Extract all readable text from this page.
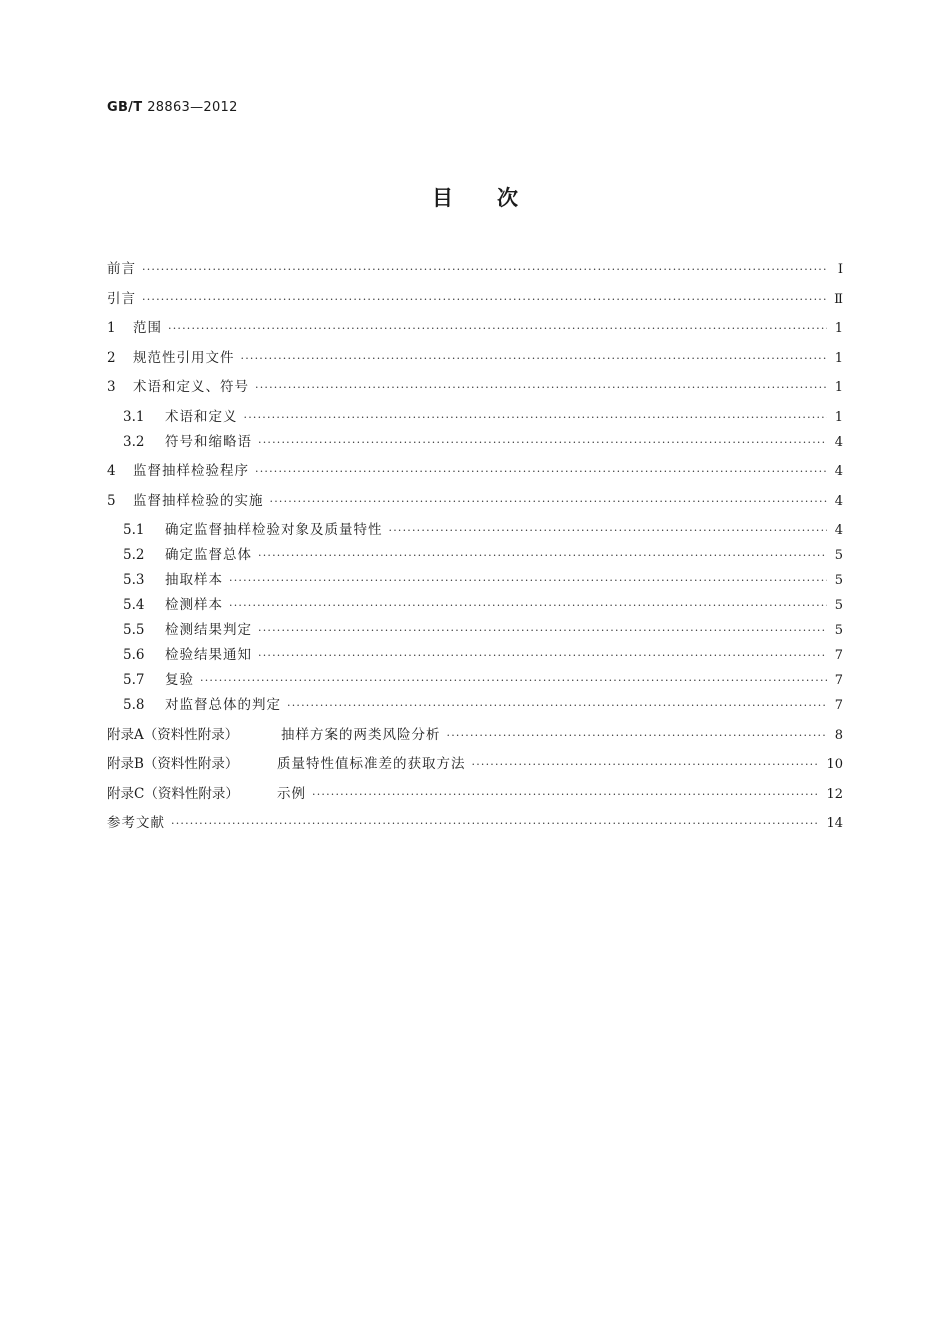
GB/T 28863—2012
目次
前言 ·····	Ⅰ
引言 ·····	Ⅱ
1 范围 ·····	1
2 规范性引用文件 ·····	1
3 术语和定义、符号 ·····	1
3.1 术语和定义 ·····	1
3.2 符号和缩略语 ·····	4
4 监督抽样检验程序 ·····	4
5 监督抽样检验的实施 ·····	4
5.1 确定监督抽样检验对象及质量特性 ·····	4
5.2 确定监督总体 ·····	5
5.3 抽取样本 ·····	5
5.4 检测样本 ·····	5
5.5 检测结果判定 ·····	5
5.6 检验结果通知 ·····	7
5.7 复验 ·····	7
5.8 对监督总体的判定 ·····	7
附录A（资料性附录）	抽样方案的两类风险分析 ·····	8
附录B（资料性附录）	质量特性值标准差的获取方法 ·····	10
附录C（资料性附录）	示例 ·····	12
参考文献 ·····	14
